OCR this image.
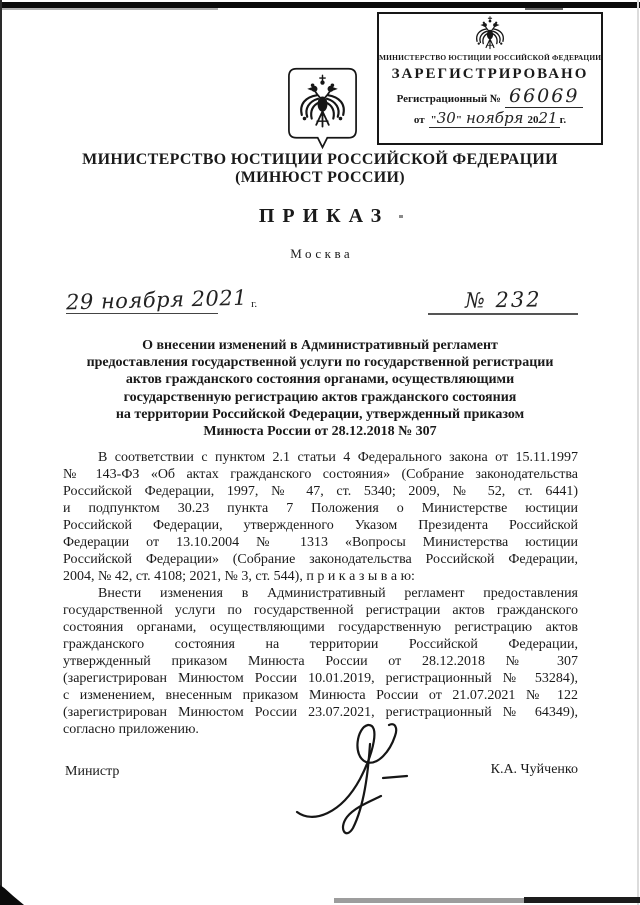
МИНИСТЕРСТВО ЮСТИЦИИ РОССИЙСКОЙ ФЕДЕРАЦИИ
ЗАРЕГИСТРИРОВАНО
Регистрационный № 66069
от "30" ноября 2021 г.
МИНИСТЕРСТВО ЮСТИЦИИ РОССИЙСКОЙ ФЕДЕРАЦИИ
(МИНЮСТ РОССИИ)
ПРИКАЗ
Москва
29 ноября 2021 г.	№ 232
О внесении изменений в Административный регламент
предоставления государственной услуги по государственной регистрации
актов гражданского состояния органами, осуществляющими
государственную регистрацию актов гражданского состояния
на территории Российской Федерации, утвержденный приказом
Минюста России от 28.12.2018 № 307
В соответствии с пунктом 2.1 статьи 4 Федерального закона от 15.11.1997
№ 143-ФЗ «Об актах гражданского состояния» (Собрание законодательства
Российской Федерации, 1997, № 47, ст. 5340; 2009, № 52, ст. 6441)
и подпунктом 30.23 пункта 7 Положения о Министерстве юстиции
Российской Федерации, утвержденного Указом Президента Российской
Федерации от 13.10.2004 № 1313 «Вопросы Министерства юстиции
Российской Федерации» (Собрание законодательства Российской Федерации,
2004, № 42, ст. 4108; 2021, № 3, ст. 544), п р и к а з ы в а ю:
Внести изменения в Административный регламент предоставления
государственной услуги по государственной регистрации актов гражданского
состояния органами, осуществляющими государственную регистрацию актов
гражданского состояния на территории Российской Федерации,
утвержденный приказом Минюста России от 28.12.2018 № 307
(зарегистрирован Минюстом России 10.01.2019, регистрационный № 53284),
с изменением, внесенным приказом Минюста России от 21.07.2021 № 122
(зарегистрирован Минюстом России 23.07.2021, регистрационный № 64349),
согласно приложению.
Министр	К.А. Чуйченко
